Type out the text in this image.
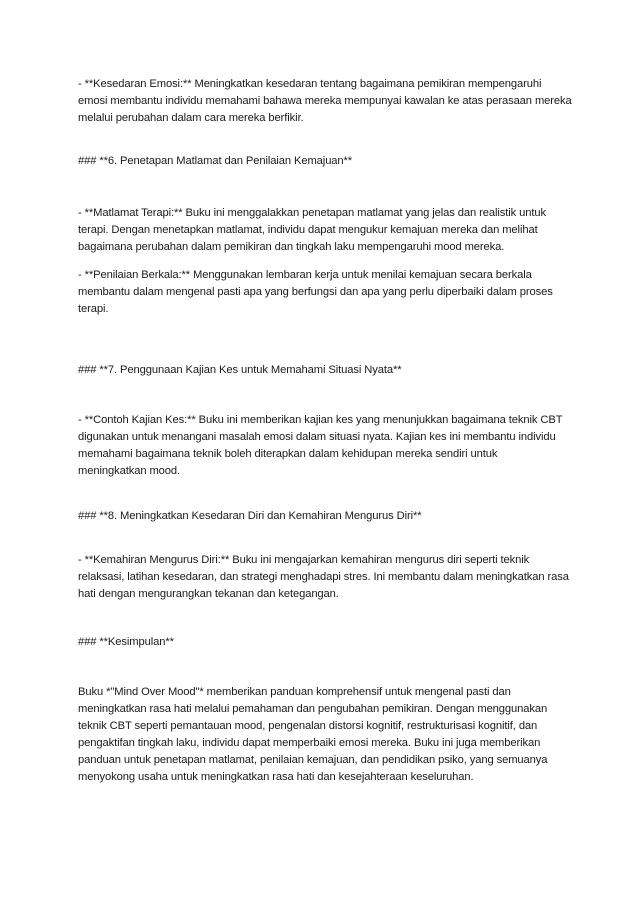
- **Kesedaran Emosi:** Meningkatkan kesedaran tentang bagaimana pemikiran mempengaruhi
emosi membantu individu memahami bahawa mereka mempunyai kawalan ke atas perasaan mereka
melalui perubahan dalam cara mereka berfikir.
### **6. Penetapan Matlamat dan Penilaian Kemajuan**
- **Matlamat Terapi:** Buku ini menggalakkan penetapan matlamat yang jelas dan realistik untuk
terapi. Dengan menetapkan matlamat, individu dapat mengukur kemajuan mereka dan melihat
bagaimana perubahan dalam pemikiran dan tingkah laku mempengaruhi mood mereka.
- **Penilaian Berkala:** Menggunakan lembaran kerja untuk menilai kemajuan secara berkala
membantu dalam mengenal pasti apa yang berfungsi dan apa yang perlu diperbaiki dalam proses
terapi.
### **7. Penggunaan Kajian Kes untuk Memahami Situasi Nyata**
- **Contoh Kajian Kes:** Buku ini memberikan kajian kes yang menunjukkan bagaimana teknik CBT
digunakan untuk menangani masalah emosi dalam situasi nyata. Kajian kes ini membantu individu
memahami bagaimana teknik boleh diterapkan dalam kehidupan mereka sendiri untuk
meningkatkan mood.
### **8. Meningkatkan Kesedaran Diri dan Kemahiran Mengurus Diri**
- **Kemahiran Mengurus Diri:** Buku ini mengajarkan kemahiran mengurus diri seperti teknik
relaksasi, latihan kesedaran, dan strategi menghadapi stres. Ini membantu dalam meningkatkan rasa
hati dengan mengurangkan tekanan dan ketegangan.
### **Kesimpulan**
Buku *"Mind Over Mood"* memberikan panduan komprehensif untuk mengenal pasti dan
meningkatkan rasa hati melalui pemahaman dan pengubahan pemikiran. Dengan menggunakan
teknik CBT seperti pemantauan mood, pengenalan distorsi kognitif, restrukturisasi kognitif, dan
pengaktifan tingkah laku, individu dapat memperbaiki emosi mereka. Buku ini juga memberikan
panduan untuk penetapan matlamat, penilaian kemajuan, dan pendidikan psiko, yang semuanya
menyokong usaha untuk meningkatkan rasa hati dan kesejahteraan keseluruhan.
